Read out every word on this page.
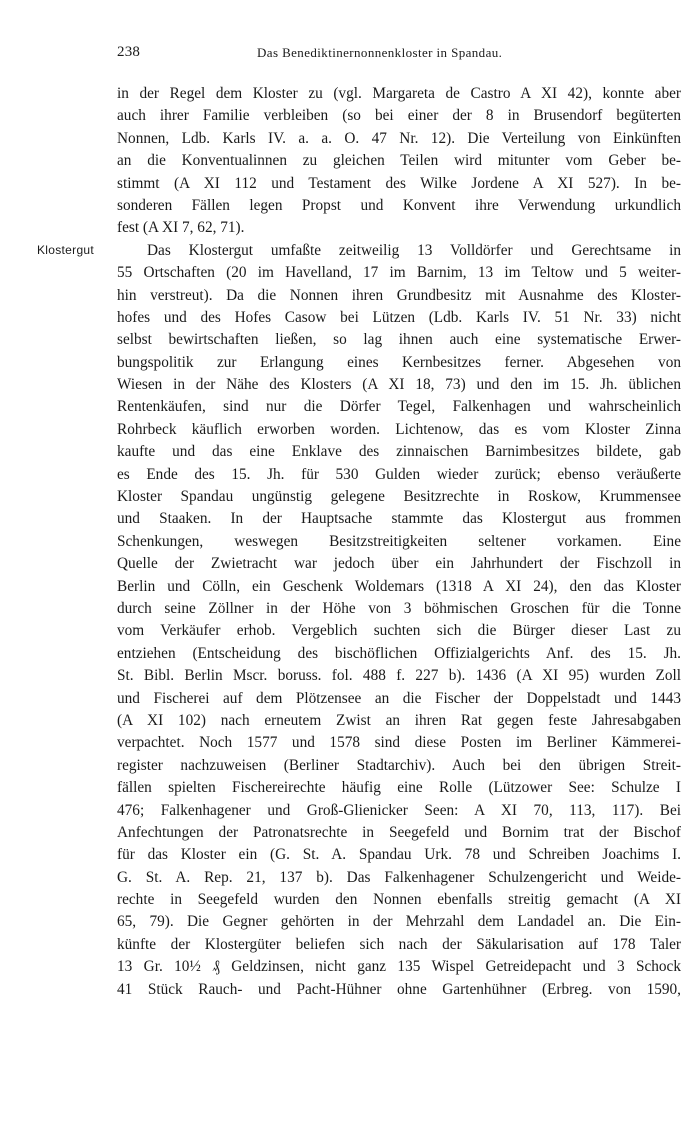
238	Das Benediktinernonnenkloster in Spandau.
Klostergut
in der Regel dem Kloster zu (vgl. Margareta de Castro A XI 42), konnte aber
auch ihrer Familie verbleiben (so bei einer der 8 in Brusendorf begüterten
Nonnen, Ldb. Karls IV. a. a. O. 47 Nr. 12). Die Verteilung von Einkünften
an die Konventualinnen zu gleichen Teilen wird mitunter vom Geber be-
stimmt (A XI 112 und Testament des Wilke Jordene A XI 527). In be-
sonderen Fällen legen Propst und Konvent ihre Verwendung urkundlich
fest (A XI 7, 62, 71).
Das Klostergut umfaßte zeitweilig 13 Volldörfer und Gerechtsame in
55 Ortschaften (20 im Havelland, 17 im Barnim, 13 im Teltow und 5 weiter-
hin verstreut). Da die Nonnen ihren Grundbesitz mit Ausnahme des Kloster-
hofes und des Hofes Casow bei Lützen (Ldb. Karls IV. 51 Nr. 33) nicht
selbst bewirtschaften ließen, so lag ihnen auch eine systematische Erwer-
bungspolitik zur Erlangung eines Kernbesitzes ferner. Abgesehen von
Wiesen in der Nähe des Klosters (A XI 18, 73) und den im 15. Jh. üblichen
Rentenkäufen, sind nur die Dörfer Tegel, Falkenhagen und wahrscheinlich
Rohrbeck käuflich erworben worden. Lichtenow, das es vom Kloster Zinna
kaufte und das eine Enklave des zinnaischen Barnimbesitzes bildete, gab
es Ende des 15. Jh. für 530 Gulden wieder zurück; ebenso veräußerte
Kloster Spandau ungünstig gelegene Besitzrechte in Roskow, Krummensee
und Staaken. In der Hauptsache stammte das Klostergut aus frommen
Schenkungen, weswegen Besitzstreitigkeiten seltener vorkamen. Eine
Quelle der Zwietracht war jedoch über ein Jahrhundert der Fischzoll in
Berlin und Cölln, ein Geschenk Woldemars (1318 A XI 24), den das Kloster
durch seine Zöllner in der Höhe von 3 böhmischen Groschen für die Tonne
vom Verkäufer erhob. Vergeblich suchten sich die Bürger dieser Last zu
entziehen (Entscheidung des bischöflichen Offizialgerichts Anf. des 15. Jh.
St. Bibl. Berlin Mscr. boruss. fol. 488 f. 227 b). 1436 (A XI 95) wurden Zoll
und Fischerei auf dem Plötzensee an die Fischer der Doppelstadt und 1443
(A XI 102) nach erneutem Zwist an ihren Rat gegen feste Jahresabgaben
verpachtet. Noch 1577 und 1578 sind diese Posten im Berliner Kämmerei-
register nachzuweisen (Berliner Stadtarchiv). Auch bei den übrigen Streit-
fällen spielten Fischereirechte häufig eine Rolle (Lützower See: Schulze I
476; Falkenhagener und Groß-Glienicker Seen: A XI 70, 113, 117). Bei
Anfechtungen der Patronatsrechte in Seegefeld und Bornim trat der Bischof
für das Kloster ein (G. St. A. Spandau Urk. 78 und Schreiben Joachims I.
G. St. A. Rep. 21, 137 b). Das Falkenhagener Schulzengericht und Weide-
rechte in Seegefeld wurden den Nonnen ebenfalls streitig gemacht (A XI
65, 79). Die Gegner gehörten in der Mehrzahl dem Landadel an. Die Ein-
künfte der Klostergüter beliefen sich nach der Säkularisation auf 178 Taler
13 Gr. 10½ ₰ Geldzinsen, nicht ganz 135 Wispel Getreidepacht und 3 Schock
41 Stück Rauch- und Pacht-Hühner ohne Gartenhühner (Erbreg. von 1590,
